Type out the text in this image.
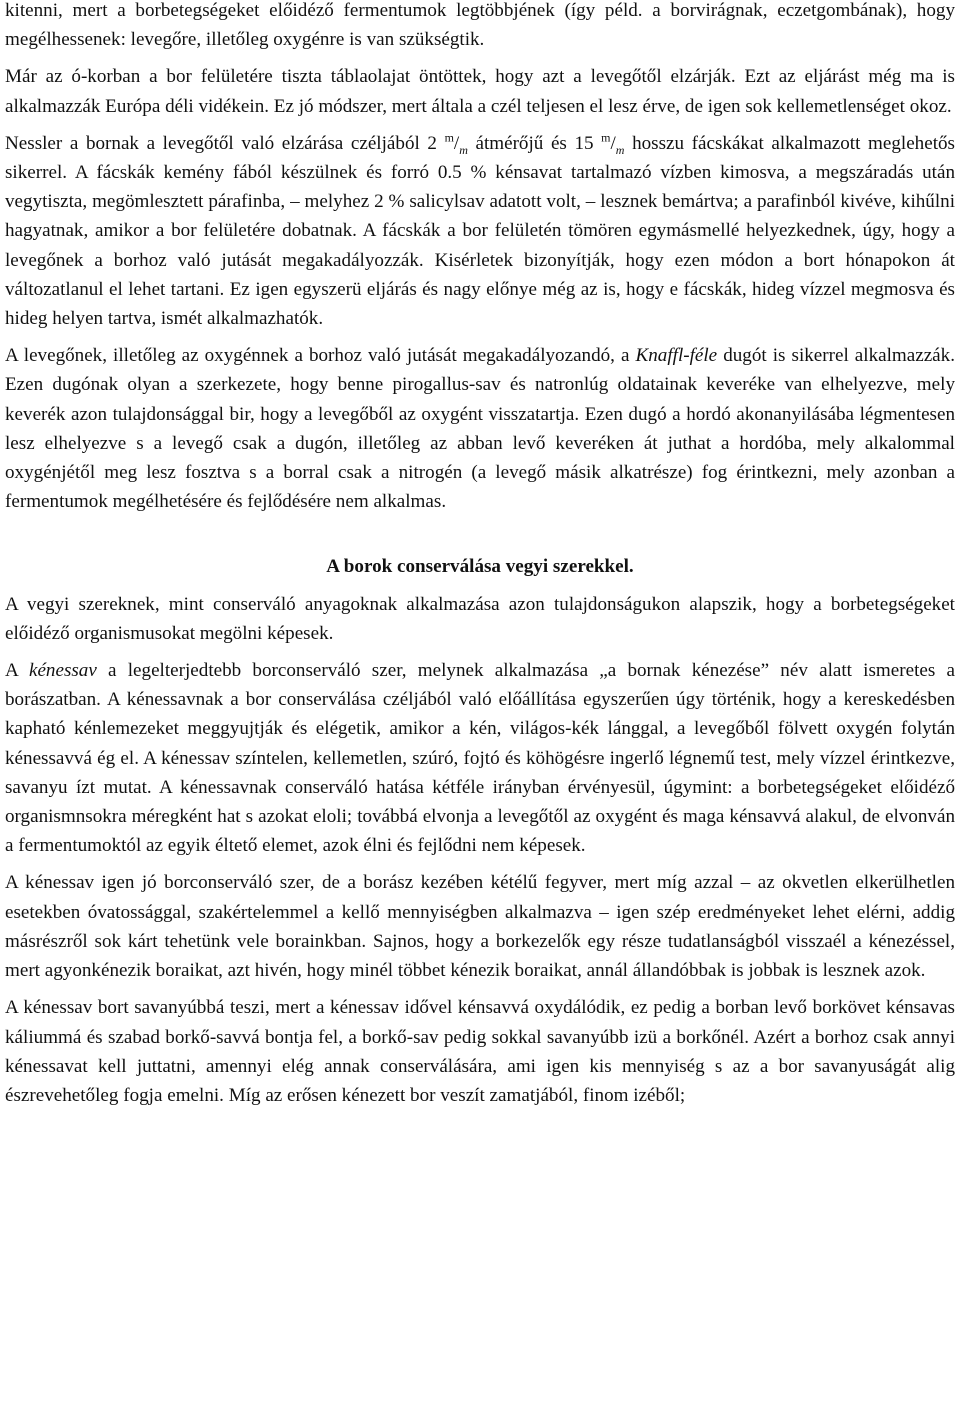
kitenni, mert a borbetegségeket előidéző fermentumok legtöbbjének (így péld. a borvirágnak, eczetgombának), hogy megélhessenek: levegőre, illetőleg oxygénre is van szükségtik.

Már az ó-korban a bor felületére tiszta táblaolajat öntöttek, hogy azt a levegőtől elzárják. Ezt az eljárást még ma is alkalmazzák Európa déli vidékein. Ez jó módszer, mert általa a czél teljesen el lesz érve, de igen sok kellemetlenséget okoz.

Nessler a bornak a levegőtől való elzárása czéljából 2 $^m/_m$ átmérőjű és 15 $^m/_m$ hosszu fácskákat alkalmazott meglehetős sikerrel. A fácskák kemény fából készülnek és forró 0.5 % kénsavat tartalmazó vízben kimosva, a megszáradás után vegytiszta, megömlesztett párafinba, – melyhez 2 % salicylsav adatott volt, – lesznek bemártva; a parafinból kivéve, kihűlni hagyatnak, amikor a bor felületére dobatnak. A fácskák a bor felületén tömören egymásmellé helyezkednek, úgy, hogy a levegőnek a borhoz való jutását megakadályozzák. Kisérletek bizonyítják, hogy ezen módon a bort hónapokon át változatlanul el lehet tartani. Ez igen egyszerü eljárás és nagy előnye még az is, hogy e fácskák, hideg vízzel megmosva és hideg helyen tartva, ismét alkalmazhatók.

A levegőnek, illetőleg az oxygénnek a borhoz való jutását megakadályozandó, a Knaffl-féle dugót is sikerrel alkalmazzák. Ezen dugónak olyan a szerkezete, hogy benne pirogallus-sav és natronlúg oldatainak keveréke van elhelyezve, mely keverék azon tulajdonsággal bir, hogy a levegőből az oxygént visszatartja. Ezen dugó a hordó akonanyilásába légmentesen lesz elhelyezve s a levegő csak a dugón, illetőleg az abban levő keveréken át juthat a hordóba, mely alkalommal oxygénjétől meg lesz fosztva s a borral csak a nitrogén (a levegő másik alkatrésze) fog érintkezni, mely azonban a fermentumok megélhetésére és fejlődésére nem alkalmas.

A borok conserválása vegyi szerekkel.

A vegyi szereknek, mint conserváló anyagoknak alkalmazása azon tulajdonságukon alapszik, hogy a borbetegségeket előidéző organismusokat megölni képesek.

A kénessav a legelterjedtebb borconserváló szer, melynek alkalmazása „a bornak kénezése” név alatt ismeretes a borászatban. A kénessavnak a bor conserválása czéljából való előállítása egyszerűen úgy történik, hogy a kereskedésben kapható kénlemezeket meggyujtják és elégetik, amikor a kén, világos-kék lánggal, a levegőből fölvett oxygén folytán kénessavvá ég el. A kénessav színtelen, kellemetlen, szúró, fojtó és köhögésre ingerlő légnemű test, mely vízzel érintkezve, savanyu ízt mutat. A kénessavnak conserváló hatása kétféle irányban érvényesül, úgymint: a borbetegségeket előidéző organismnsokra méregként hat s azokat eloli; továbbá elvonja a levegőtől az oxygént és maga kénsavvá alakul, de elvonván a fermentumoktól az egyik éltető elemet, azok élni és fejlődni nem képesek.

A kénessav igen jó borconserváló szer, de a borász kezében kétélű fegyver, mert míg azzal – az okvetlen elkerülhetlen esetekben óvatossággal, szakértelemmel a kellő mennyiségben alkalmazva – igen szép eredményeket lehet elérni, addig másrészről sok kárt tehetünk vele borainkban. Sajnos, hogy a borkezelők egy része tudatlanságból visszaél a kénezéssel, mert agyonkénezik boraikat, azt hivén, hogy minél többet kénezik boraikat, annál állandóbbak is jobbak is lesznek azok.

A kénessav bort savanyúbbá teszi, mert a kénessav idővel kénsavvá oxydálódik, ez pedig a borban levő borkövet kénsavas káliummá és szabad borkő-savvá bontja fel, a borkő-sav pedig sokkal savanyúbb izü a borkőnél. Azért a borhoz csak annyi kénessavat kell juttatni, amennyi elég annak conserválására, ami igen kis mennyiség s az a bor savanyuságát alig észrevehetőleg fogja emelni. Míg az erősen kénezett bor veszít zamatjából, finom izéből;
